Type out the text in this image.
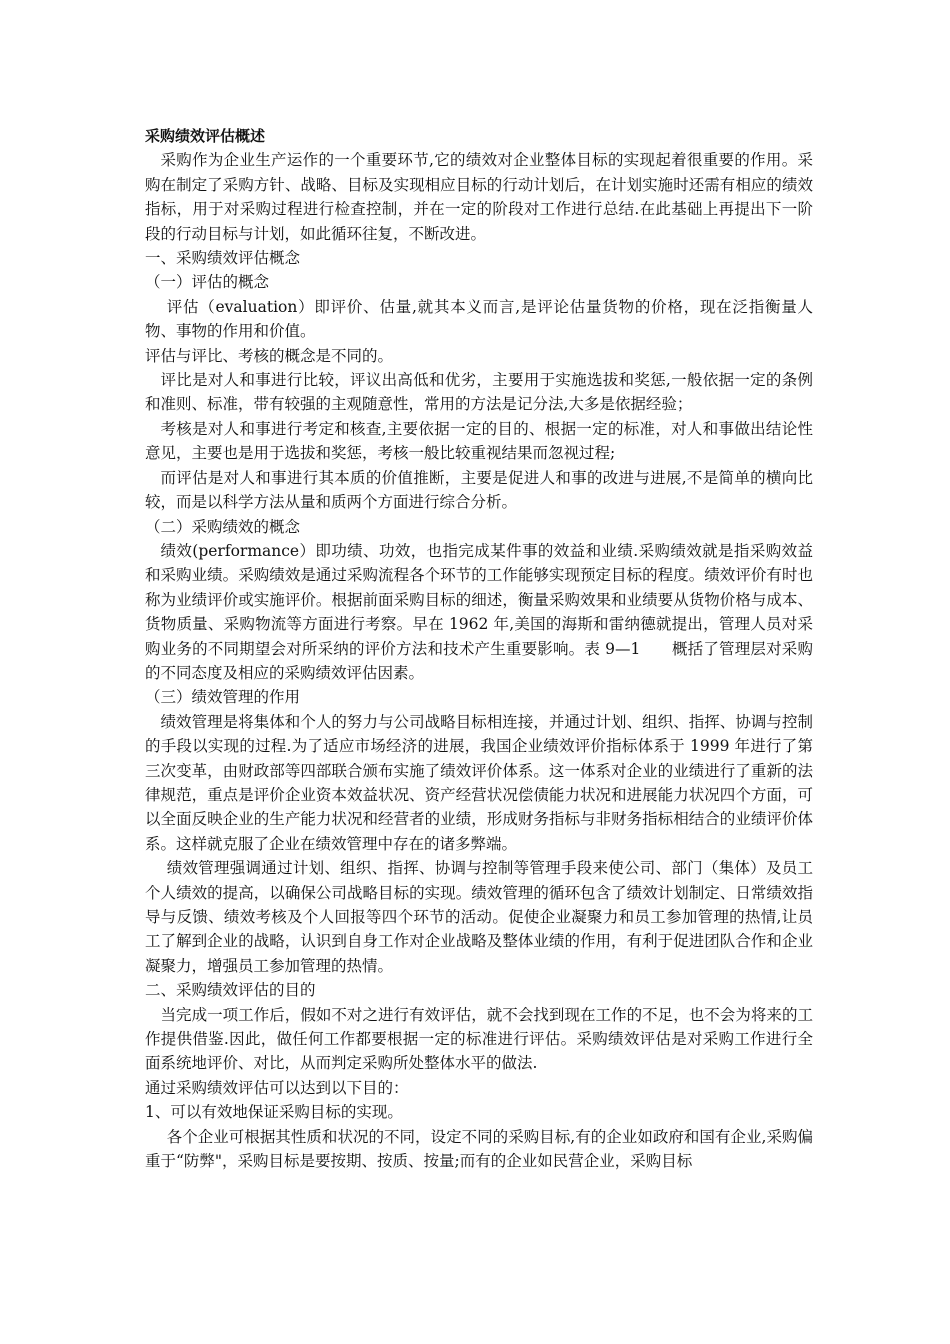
采购绩效评估概述

采购作为企业生产运作的一个重要环节,它的绩效对企业整体目标的实现起着很重要的作用。采购在制定了采购方针、战略、目标及实现相应目标的行动计划后，在计划实施时还需有相应的绩效指标，用于对采购过程进行检查控制，并在一定的阶段对工作进行总结.在此基础上再提出下一阶段的行动目标与计划，如此循环往复，不断改进。

一、采购绩效评估概念

（一）评估的概念

评估（evaluation）即评价、估量,就其本义而言,是评论估量货物的价格，现在泛指衡量人物、事物的作用和价值。

评估与评比、考核的概念是不同的。

评比是对人和事进行比较，评议出高低和优劣，主要用于实施选拔和奖惩,一般依据一定的条例和准则、标准，带有较强的主观随意性，常用的方法是记分法,大多是依据经验；

考核是对人和事进行考定和核查,主要依据一定的目的、根据一定的标准，对人和事做出结论性意见，主要也是用于选拔和奖惩，考核一般比较重视结果而忽视过程;

而评估是对人和事进行其本质的价值推断，主要是促进人和事的改进与进展,不是简单的横向比较，而是以科学方法从量和质两个方面进行综合分析。

（二）采购绩效的概念

绩效(performance）即功绩、功效，也指完成某件事的效益和业绩.采购绩效就是指采购效益和采购业绩。采购绩效是通过采购流程各个环节的工作能够实现预定目标的程度。绩效评价有时也称为业绩评价或实施评价。根据前面采购目标的细述，衡量采购效果和业绩要从货物价格与成本、货物质量、采购物流等方面进行考察。早在 1962 年,美国的海斯和雷纳德就提出，管理人员对采购业务的不同期望会对所采纳的评价方法和技术产生重要影响。表 9—1　　概括了管理层对采购的不同态度及相应的采购绩效评估因素。

（三）绩效管理的作用

绩效管理是将集体和个人的努力与公司战略目标相连接，并通过计划、组织、指挥、协调与控制的手段以实现的过程.为了适应市场经济的进展，我国企业绩效评价指标体系于 1999 年进行了第三次变革，由财政部等四部联合颁布实施了绩效评价体系。这一体系对企业的业绩进行了重新的法律规范，重点是评价企业资本效益状况、资产经营状况偿债能力状况和进展能力状况四个方面，可以全面反映企业的生产能力状况和经营者的业绩，形成财务指标与非财务指标相结合的业绩评价体系。这样就克服了企业在绩效管理中存在的诸多弊端。

绩效管理强调通过计划、组织、指挥、协调与控制等管理手段来使公司、部门（集体）及员工个人绩效的提高，以确保公司战略目标的实现。绩效管理的循环包含了绩效计划制定、日常绩效指导与反馈、绩效考核及个人回报等四个环节的活动。促使企业凝聚力和员工参加管理的热情,让员工了解到企业的战略，认识到自身工作对企业战略及整体业绩的作用，有利于促进团队合作和企业凝聚力，增强员工参加管理的热情。

二、采购绩效评估的目的

当完成一项工作后，假如不对之进行有效评估，就不会找到现在工作的不足，也不会为将来的工作提供借鉴.因此，做任何工作都要根据一定的标准进行评估。采购绩效评估是对采购工作进行全面系统地评价、对比，从而判定采购所处整体水平的做法.

通过采购绩效评估可以达到以下目的：

1、可以有效地保证采购目标的实现。

各个企业可根据其性质和状况的不同，设定不同的采购目标,有的企业如政府和国有企业,采购偏重于“防弊"，采购目标是要按期、按质、按量;而有的企业如民营企业，采购目标
